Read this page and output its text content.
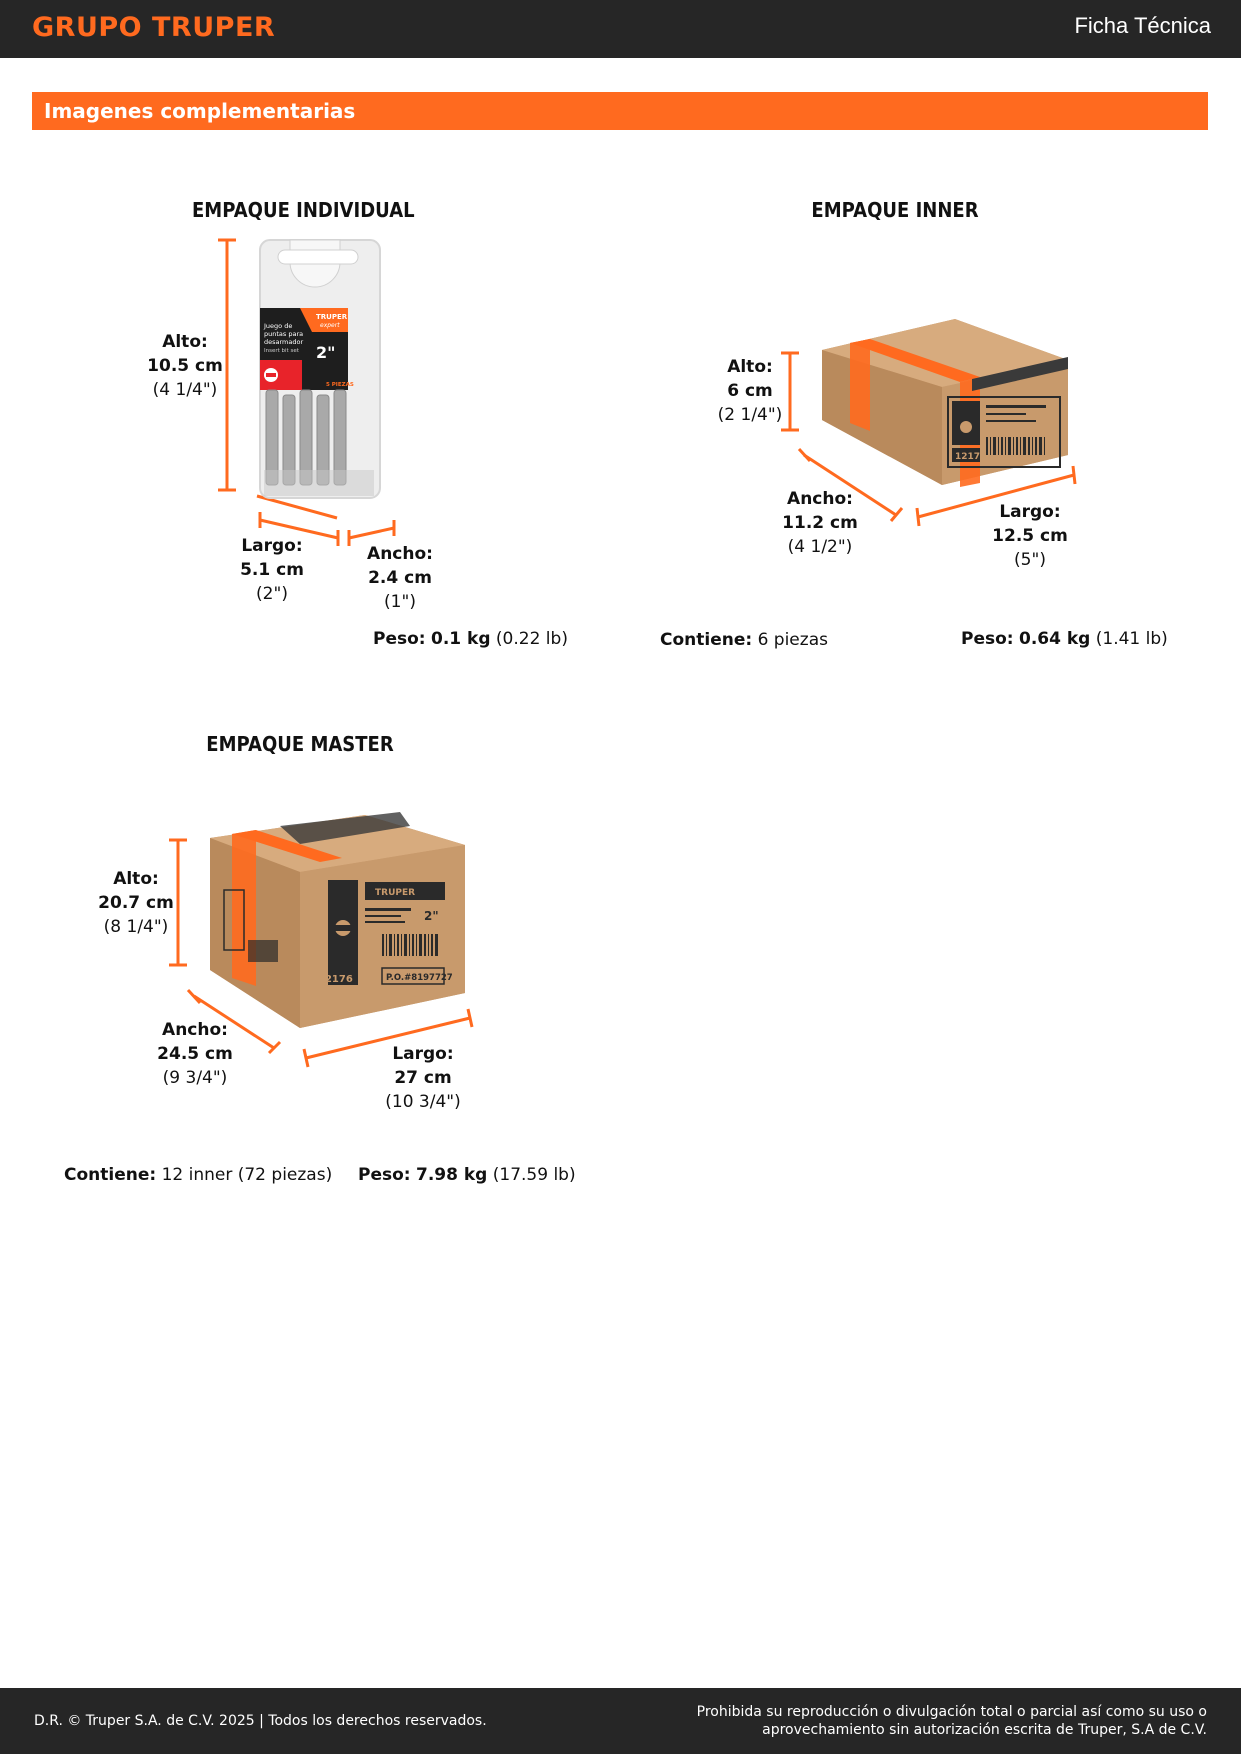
GRUPO TRUPER	Ficha Técnica
Imagenes complementarias
EMPAQUE INDIVIDUAL
TRUPER
expert
Juego de
puntas para
desarmador
Insert bit set 2"
5 PIEZAS
Alto:
10.5 cm
(4 1/4")
Largo:
5.1 cm
(2")
Ancho:
2.4 cm
(1")
Peso: 0.1 kg (0.22 lb)
EMPAQUE INNER
12176
Alto:
6 cm
(2 1/4")
Ancho:
11.2 cm
(4 1/2")
Largo:
12.5 cm
(5")
Contiene: 6 piezas	Peso: 0.64 kg (1.41 lb)
EMPAQUE MASTER
12176
TRUPER
2"
P.O.#8197727
Alto:
20.7 cm
(8 1/4")
Ancho:
24.5 cm
(9 3/4")
Largo:
27 cm
(10 3/4")
Contiene: 12 inner (72 piezas) Peso: 7.98 kg (17.59 lb)
D.R. © Truper S.A. de C.V. 2025 | Todos los derechos reservados.
Prohibida su reproducción o divulgación total o parcial así como su uso o
aprovechamiento sin autorización escrita de Truper, S.A de C.V.
